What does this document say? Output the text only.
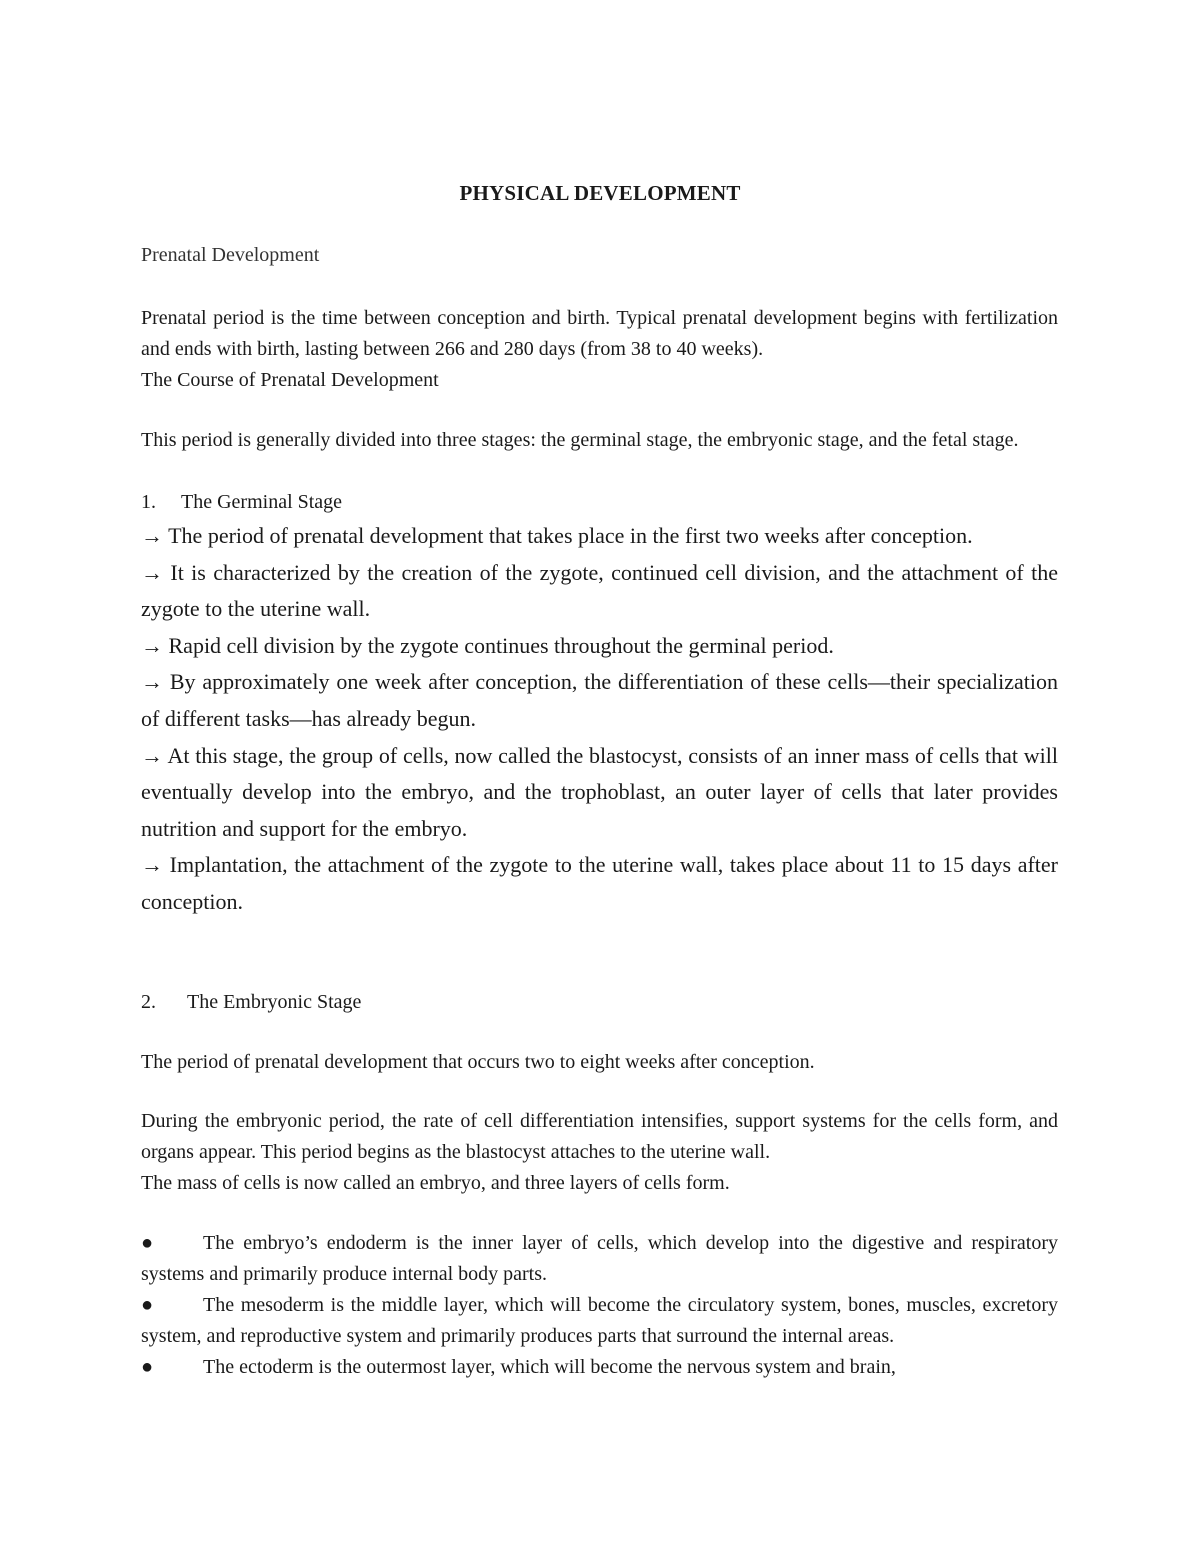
PHYSICAL DEVELOPMENT
Prenatal Development
Prenatal period is the time between conception and birth. Typical prenatal development begins with fertilization and ends with birth, lasting between 266 and 280 days (from 38 to 40 weeks).
The Course of Prenatal Development
This period is generally divided into three stages: the germinal stage, the embryonic stage, and the fetal stage.
1. The Germinal Stage

→ The period of prenatal development that takes place in the first two weeks after conception.

→ It is characterized by the creation of the zygote, continued cell division, and the attachment of the zygote to the uterine wall.

→ Rapid cell division by the zygote continues throughout the germinal period.

→ By approximately one week after conception, the differentiation of these cells—their specialization of different tasks—has already begun.

→ At this stage, the group of cells, now called the blastocyst, consists of an inner mass of cells that will eventually develop into the embryo, and the trophoblast, an outer layer of cells that later provides nutrition and support for the embryo.

→ Implantation, the attachment of the zygote to the uterine wall, takes place about 11 to 15 days after conception.

2. The Embryonic Stage
The period of prenatal development that occurs two to eight weeks after conception.
During the embryonic period, the rate of cell differentiation intensifies, support systems for the cells form, and organs appear. This period begins as the blastocyst attaches to the uterine wall.
The mass of cells is now called an embryo, and three layers of cells form.

● The embryo’s endoderm is the inner layer of cells, which develop into the digestive and respiratory systems and primarily produce internal body parts.

● The mesoderm is the middle layer, which will become the circulatory system, bones, muscles, excretory system, and reproductive system and primarily produces parts that surround the internal areas.

● The ectoderm is the outermost layer, which will become the nervous system and brain,
